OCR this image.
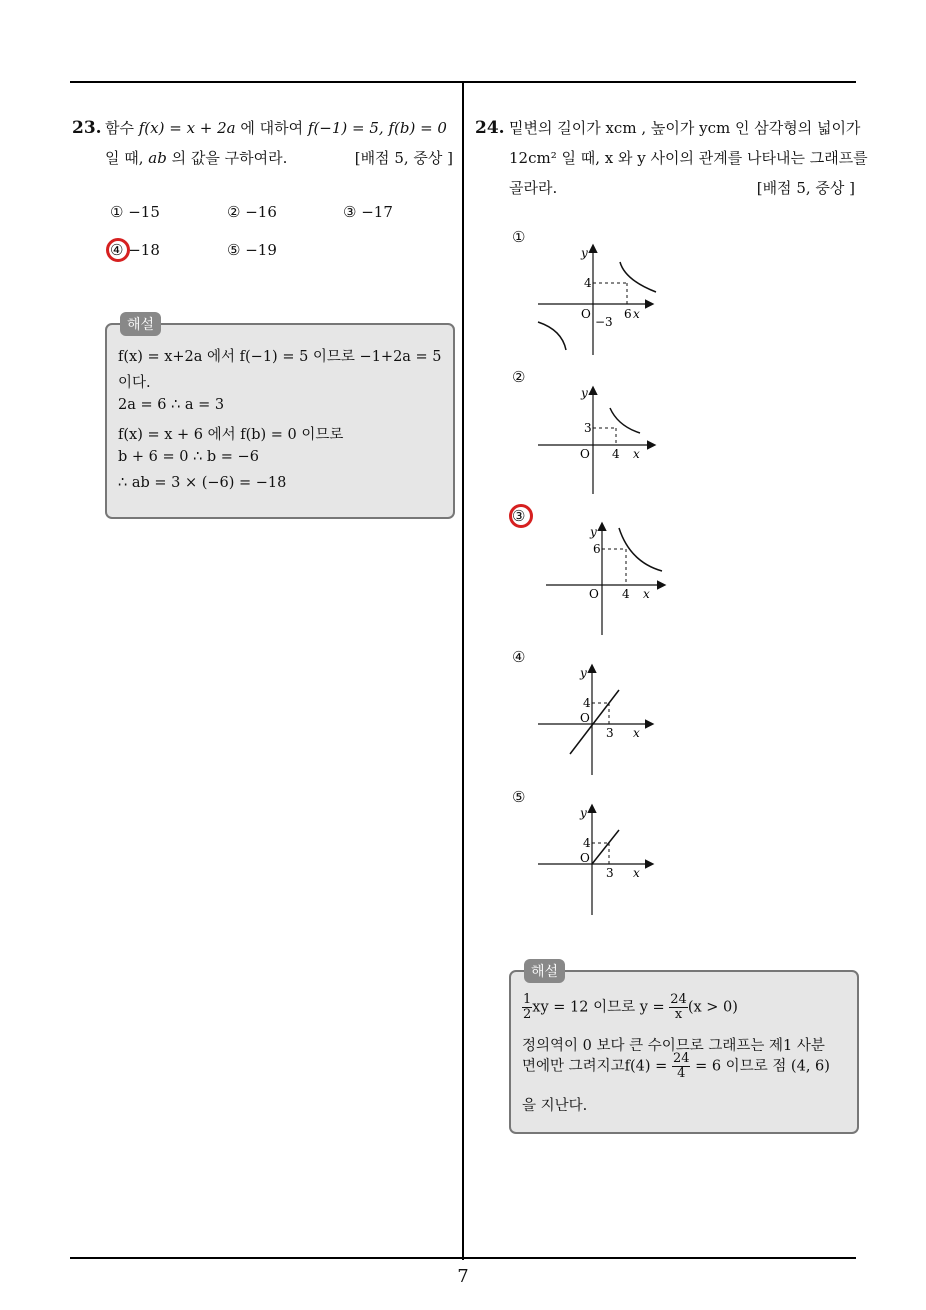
23. 함수 f(x) = x + 2a 에 대하여 f(−1) = 5, f(b) = 0
일 때, ab 의 값을 구하여라.	[배점 5, 중상 ]
① −15	② −16	③ −17
④ −18	⑤ −19
해설
f(x) = x+2a 에서 f(−1) = 5 이므로 −1+2a = 5
이다.
2a = 6 ∴ a = 3
f(x) = x + 6 에서 f(b) = 0 이므로
b + 6 = 0 ∴ b = −6
∴ ab = 3 × (−6) = −18
24. 밑변의 길이가 xcm , 높이가 ycm 인 삼각형의 넓이가
12cm² 일 때, x 와 y 사이의 관계를 나타내는 그래프를
골라라.	[배점 5, 중상 ]
①
②
③
④
⑤
y
4
O	6 x
−3
y
3
O 4 x
y
6
O 4 x
y
4
O
3 x
y
4
O
3 x
해설
$\frac{1}{2}$ xy = 12 이므로 $y = \frac{24}{x} (x > 0)$
정의역이 0 보다 큰 수이므로 그래프는 제1 사분
면에만 그려지고$f(4) = \frac{24}{4} = 6$ 이므로 점 (4, 6)
을 지난다.
7
